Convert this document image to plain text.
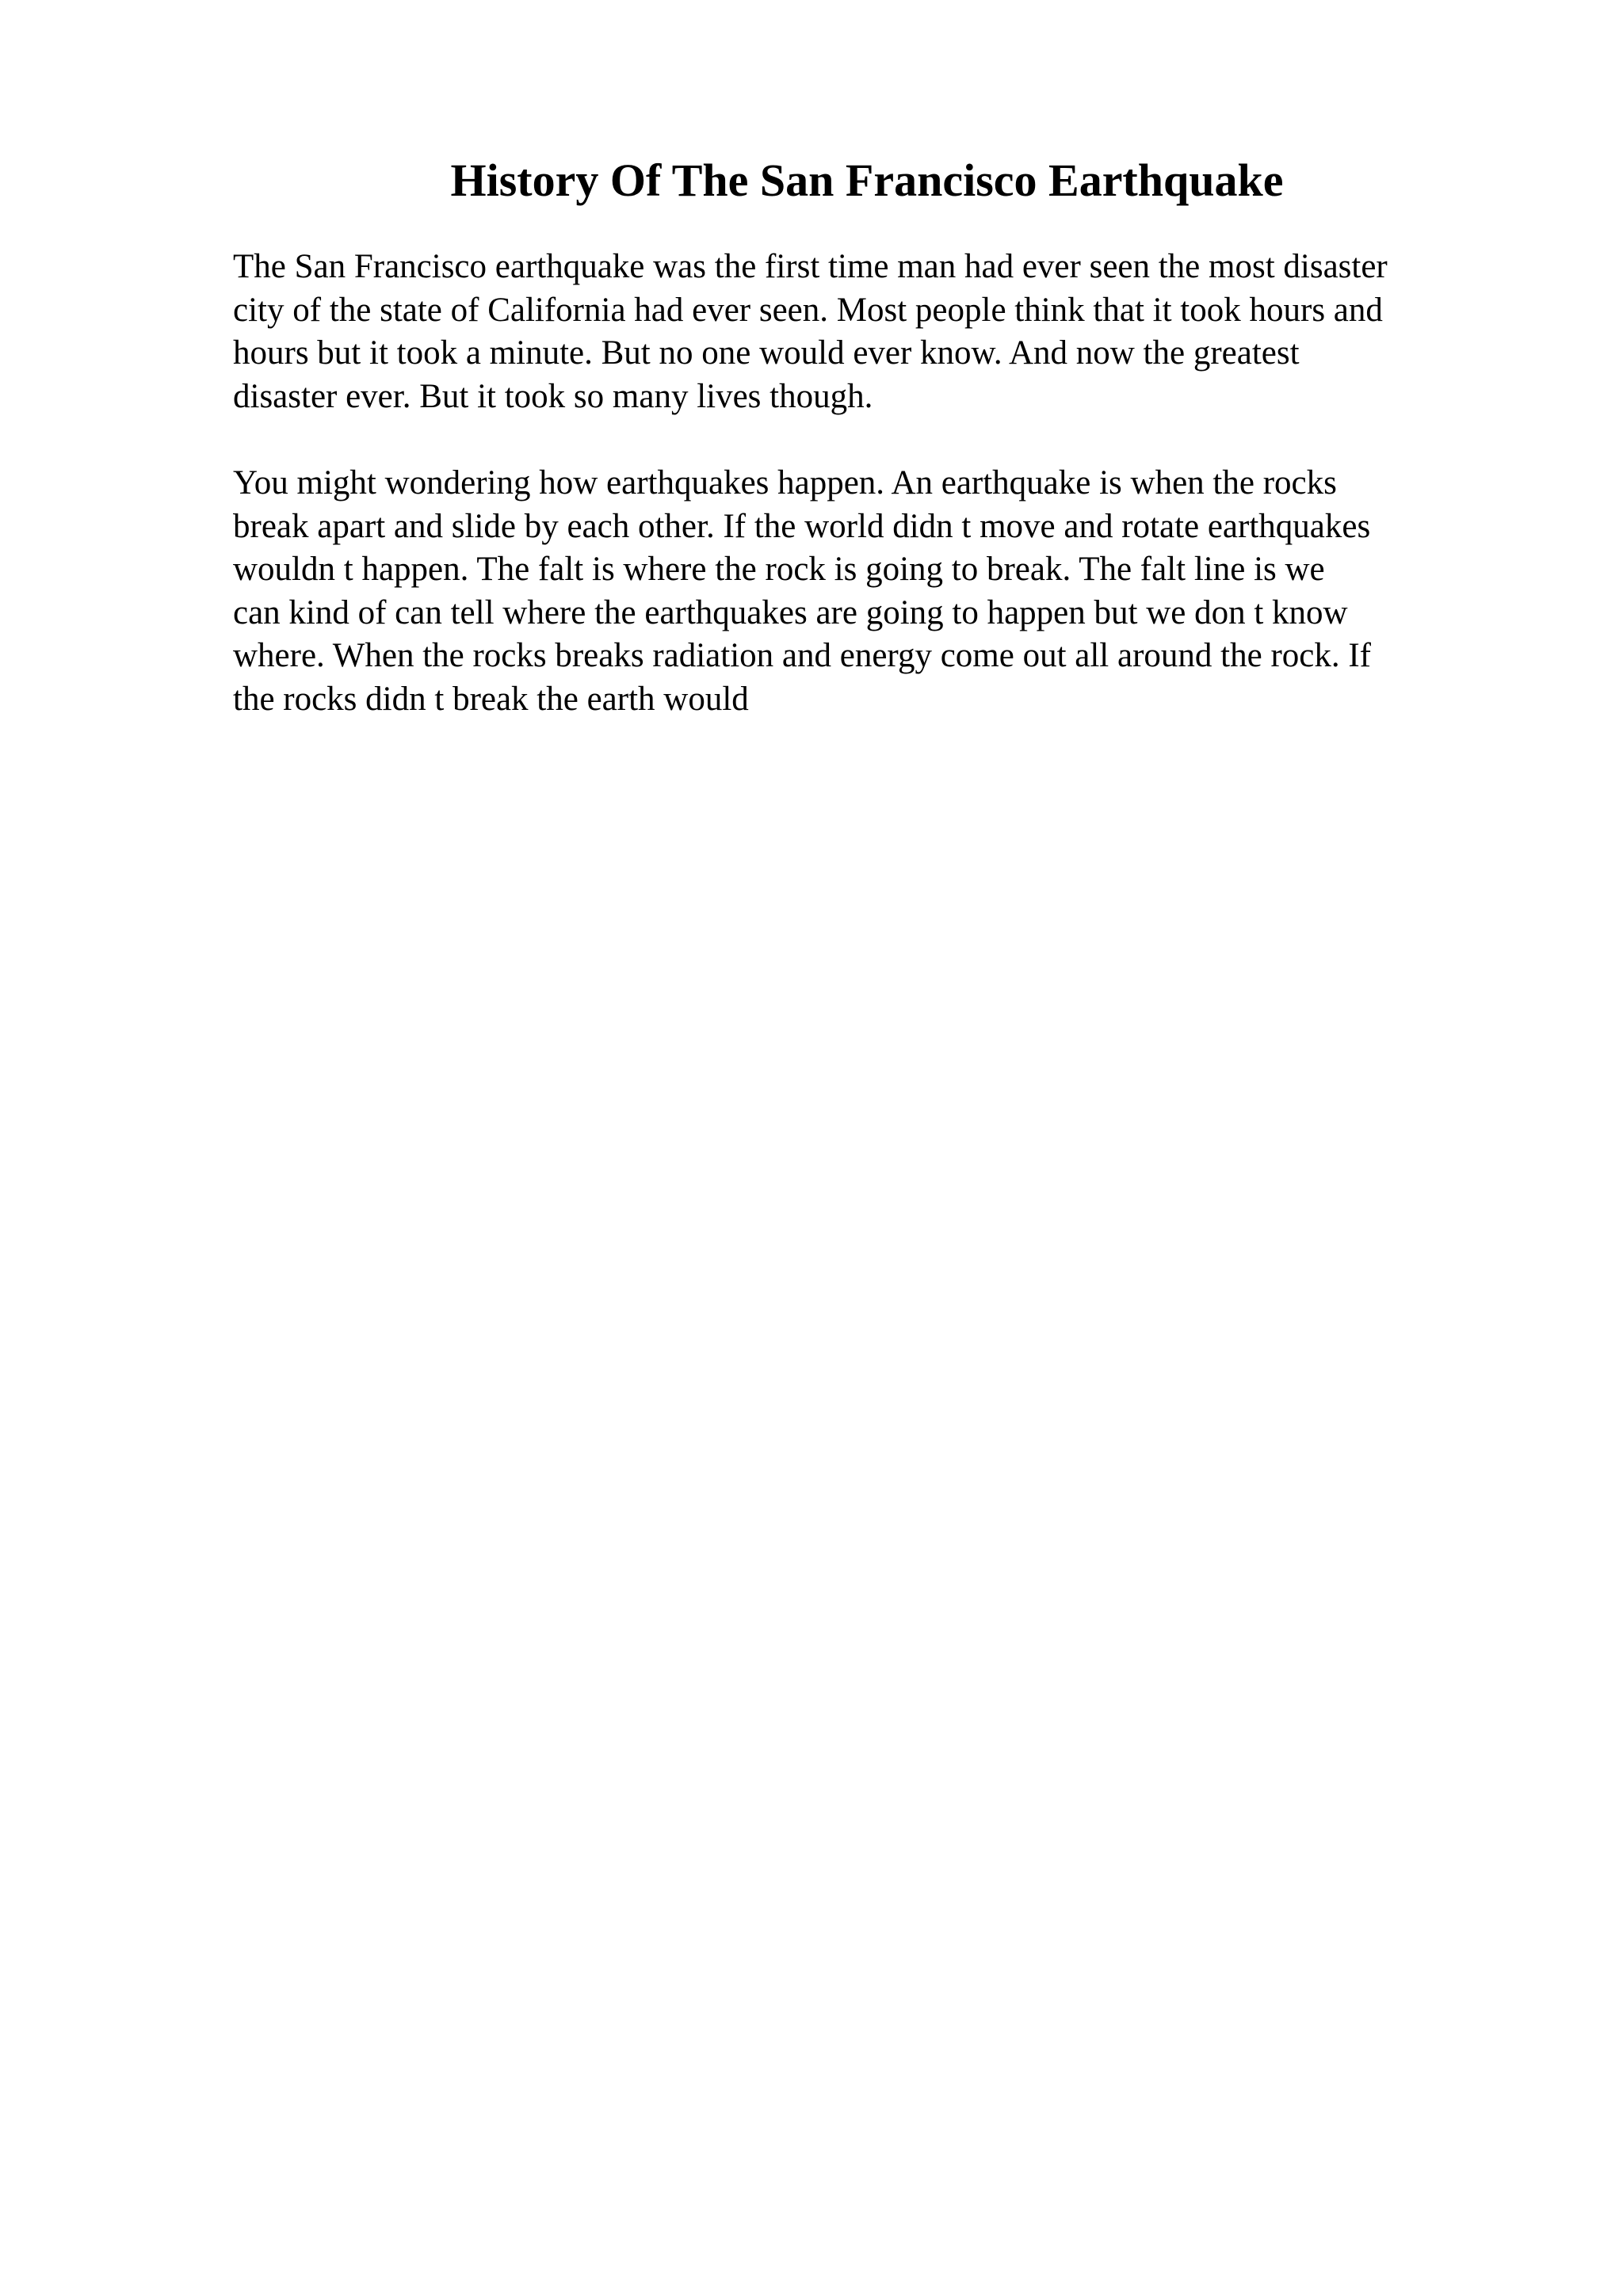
History Of The San Francisco Earthquake

The San Francisco earthquake was the first time man had ever seen the most disaster
city of the state of California had ever seen. Most people think that it took hours and
hours but it took a minute. But no one would ever know. And now the greatest
disaster ever. But it took so many lives though.

You might wondering how earthquakes happen. An earthquake is when the rocks
break apart and slide by each other. If the world didn t move and rotate earthquakes
wouldn t happen. The falt is where the rock is going to break. The falt line is we
can kind of can tell where the earthquakes are going to happen but we don t know
where. When the rocks breaks radiation and energy come out all around the rock. If
the rocks didn t break the earth would
